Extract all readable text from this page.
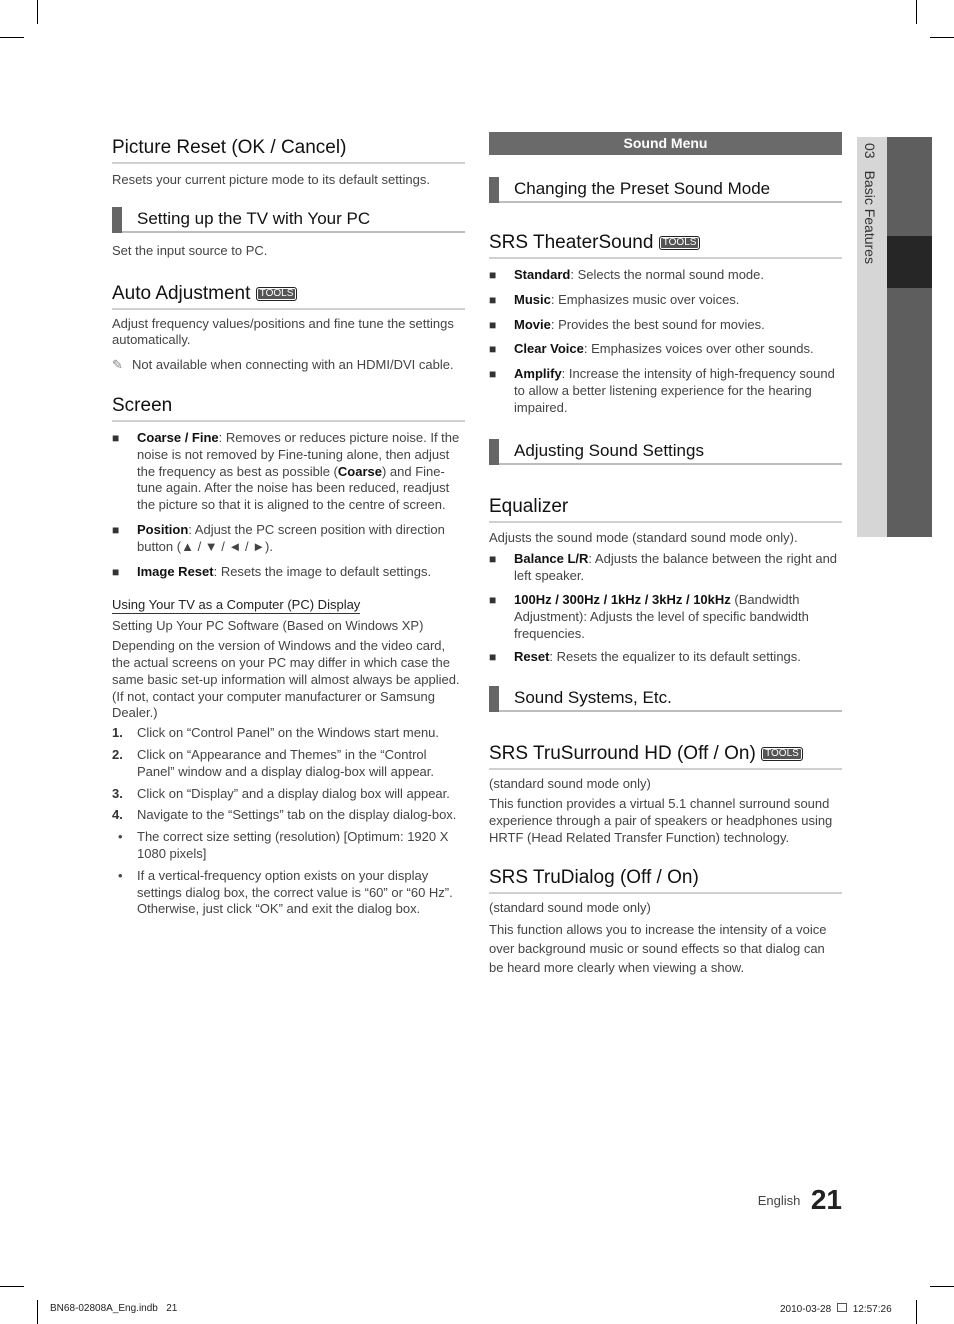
03Basic Features
Picture Reset (OK / Cancel)

Resets your current picture mode to its default settings.

Setting up the TV with Your PC

Set the input source to PC.

Auto Adjustment TOOLS

Adjust frequency values/positions and fine tune the settings automatically.

✎ Not available when connecting with an HDMI/DVI cable.

Screen
■ Coarse / Fine: Removes or reduces picture noise. If the noise is not removed by Fine-tuning alone, then adjust the frequency as best as possible (Coarse) and Fine-tune again. After the noise has been reduced, readjust the picture so that it is aligned to the centre of screen.
■ Position: Adjust the PC screen position with direction button (▲ / ▼ / ◄ / ►).
■ Image Reset: Resets the image to default settings.
Using Your TV as a Computer (PC) Display

Setting Up Your PC Software (Based on Windows XP)

Depending on the version of Windows and the video card, the actual screens on your PC may differ in which case the same basic set-up information will almost always be applied. (If not, contact your computer manufacturer or Samsung Dealer.)

1. Click on “Control Panel” on the Windows start menu.
2. Click on “Appearance and Themes” in the “Control Panel” window and a display dialog-box will appear.
3. Click on “Display” and a display dialog box will appear.
4. Navigate to the “Settings” tab on the display dialog-box.
• The correct size setting (resolution) [Optimum: 1920 X 1080 pixels]
• If a vertical-frequency option exists on your display settings dialog box, the correct value is “60” or “60 Hz”. Otherwise, just click “OK” and exit the dialog box.
Sound Menu
Changing the Preset Sound Mode
SRS TheaterSound TOOLS
■ Standard: Selects the normal sound mode.
■ Music: Emphasizes music over voices.
■ Movie: Provides the best sound for movies.
■ Clear Voice: Emphasizes voices over other sounds.
■ Amplify: Increase the intensity of high-frequency sound to allow a better listening experience for the hearing impaired.
Adjusting Sound Settings
Equalizer

Adjusts the sound mode (standard sound mode only).

■ Balance L/R: Adjusts the balance between the right and left speaker.
■ 100Hz / 300Hz / 1kHz / 3kHz / 10kHz (Bandwidth Adjustment): Adjusts the level of specific bandwidth frequencies.
■ Reset: Resets the equalizer to its default settings.
Sound Systems, Etc.
SRS TruSurround HD (Off / On) TOOLS

(standard sound mode only)

This function provides a virtual 5.1 channel surround sound experience through a pair of speakers or headphones using HRTF (Head Related Transfer Function) technology.

SRS TruDialog (Off / On)

(standard sound mode only)

This function allows you to increase the intensity of a voice over background music or sound effects so that dialog can be heard more clearly when viewing a show.

$^{English}$ 21
BN68-02808A_Eng.indb   21	2010-03-28 12:57:26
